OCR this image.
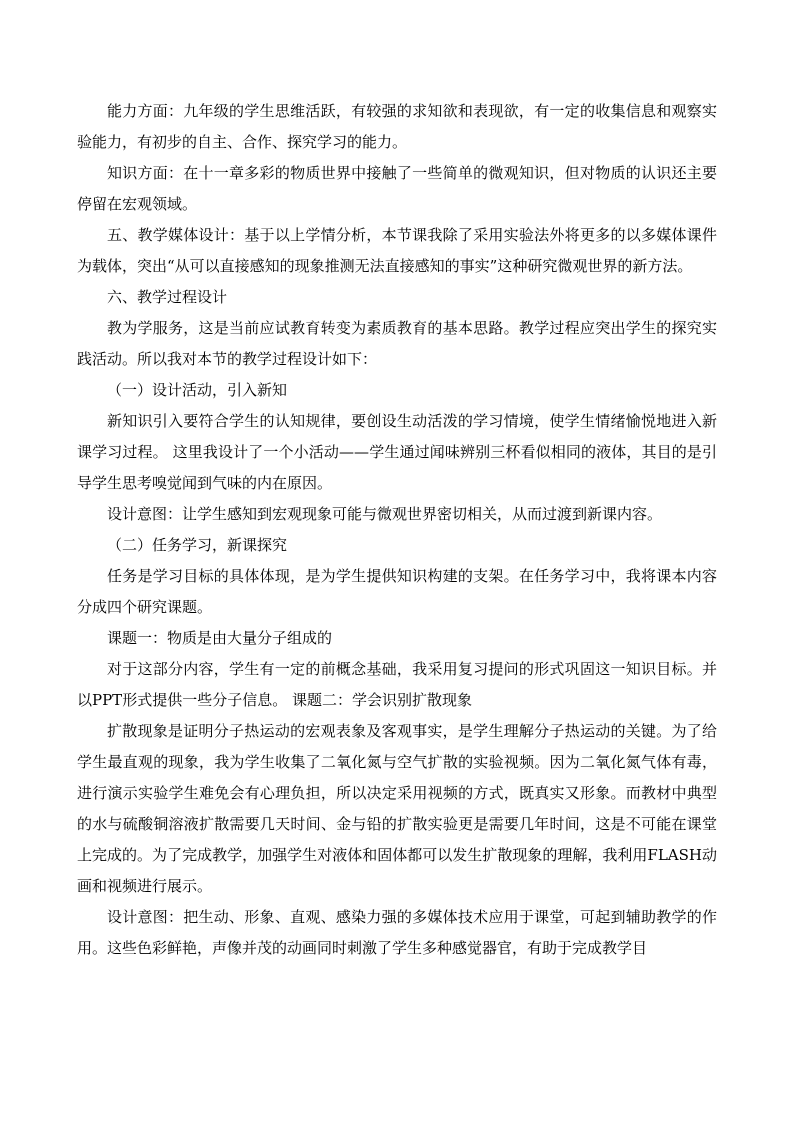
能力方面：九年级的学生思维活跃，有较强的求知欲和表现欲，有一定的收集信息和观察实验能力，有初步的自主、合作、探究学习的能力。

知识方面：在十一章多彩的物质世界中接触了一些简单的微观知识，但对物质的认识还主要停留在宏观领域。

五、教学媒体设计：基于以上学情分析，本节课我除了采用实验法外将更多的以多媒体课件为载体，突出“从可以直接感知的现象推测无法直接感知的事实”这种研究微观世界的新方法。

六、教学过程设计

教为学服务，这是当前应试教育转变为素质教育的基本思路。教学过程应突出学生的探究实践活动。所以我对本节的教学过程设计如下：

（一）设计活动，引入新知

新知识引入要符合学生的认知规律，要创设生动活泼的学习情境，使学生情绪愉悦地进入新课学习过程。 这里我设计了一个小活动——学生通过闻味辨别三杯看似相同的液体，其目的是引导学生思考嗅觉闻到气味的内在原因。

设计意图：让学生感知到宏观现象可能与微观世界密切相关，从而过渡到新课内容。

（二）任务学习，新课探究

任务是学习目标的具体体现，是为学生提供知识构建的支架。在任务学习中，我将课本内容分成四个研究课题。

课题一：物质是由大量分子组成的

对于这部分内容，学生有一定的前概念基础，我采用复习提问的形式巩固这一知识目标。并以PPT形式提供一些分子信息。 课题二：学会识别扩散现象

扩散现象是证明分子热运动的宏观表象及客观事实，是学生理解分子热运动的关键。为了给学生最直观的现象，我为学生收集了二氧化氮与空气扩散的实验视频。因为二氧化氮气体有毒，进行演示实验学生难免会有心理负担，所以决定采用视频的方式，既真实又形象。而教材中典型的水与硫酸铜溶液扩散需要几天时间、金与铅的扩散实验更是需要几年时间，这是不可能在课堂上完成的。为了完成教学，加强学生对液体和固体都可以发生扩散现象的理解，我利用FLASH动画和视频进行展示。

设计意图：把生动、形象、直观、感染力强的多媒体技术应用于课堂，可起到辅助教学的作用。这些色彩鲜艳，声像并茂的动画同时刺激了学生多种感觉器官，有助于完成教学目
